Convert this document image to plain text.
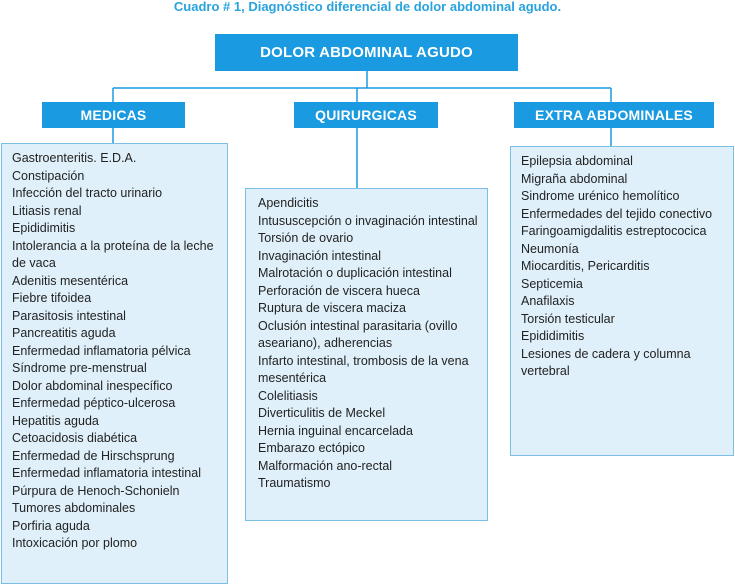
Cuadro # 1, Diagnóstico diferencial de dolor abdominal agudo.
DOLOR ABDOMINAL AGUDO
MEDICAS	QUIRURGICAS	EXTRA ABDOMINALES
Gastroenteritis. E.D.A.
Constipación
Infección del tracto urinario
Litiasis renal
Epididimitis
Intolerancia a la proteína de la leche de vaca
Adenitis mesentérica
Fiebre tifoidea
Parasitosis intestinal
Pancreatitis aguda
Enfermedad inflamatoria pélvica
Síndrome pre-menstrual
Dolor abdominal inespecífico
Enfermedad péptico-ulcerosa
Hepatitis aguda
Cetoacidosis diabética
Enfermedad de Hirschsprung
Enfermedad inflamatoria intestinal
Púrpura de Henoch-Schonieln
Tumores abdominales
Porfiria aguda
Intoxicación por plomo
Apendicitis
Intususcepción o invaginación intestinal
Torsión de ovario
Invaginación intestinal
Malrotación o duplicación intestinal
Perforación de viscera hueca
Ruptura de viscera maciza
Oclusión intestinal parasitaria (ovillo aseariano), adherencias
Infarto intestinal, trombosis de la vena mesentérica
Colelitiasis
Diverticulitis de Meckel
Hernia inguinal encarcelada
Embarazo ectópico
Malformación ano-rectal
Traumatismo
Epilepsia abdominal
Migraña abdominal
Sindrome urénico hemolítico
Enfermedades del tejido conectivo
Faringoamigdalitis estreptococica
Neumonía
Miocarditis, Pericarditis
Septicemia
Anafilaxis
Torsión testicular
Epididimitis
Lesiones de cadera y columna vertebral
